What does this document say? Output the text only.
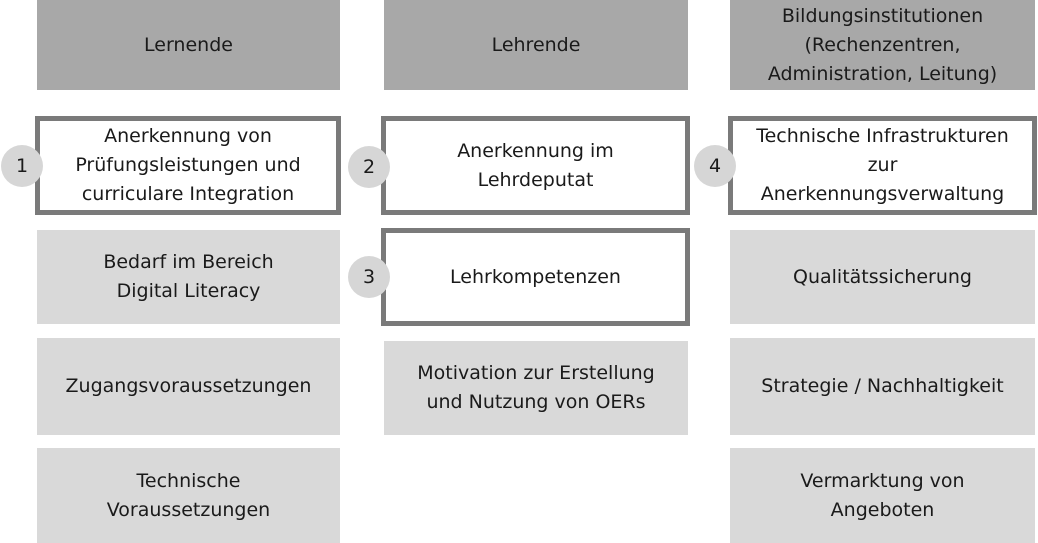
Lernende
Anerkennung von
Prüfungsleistungen und
curriculare Integration
1
Bedarf im Bereich
Digital Literacy
Zugangsvoraussetzungen
Technische
Voraussetzungen
Lehrende
Anerkennung im
Lehrdeputat
2
Lehrkompetenzen
3
Motivation zur Erstellung
und Nutzung von OERs
Bildungsinstitutionen
(Rechenzentren,
Administration, Leitung)
Technische Infrastrukturen
zur
Anerkennungsverwaltung
4
Qualitätssicherung
Strategie / Nachhaltigkeit
Vermarktung von
Angeboten
